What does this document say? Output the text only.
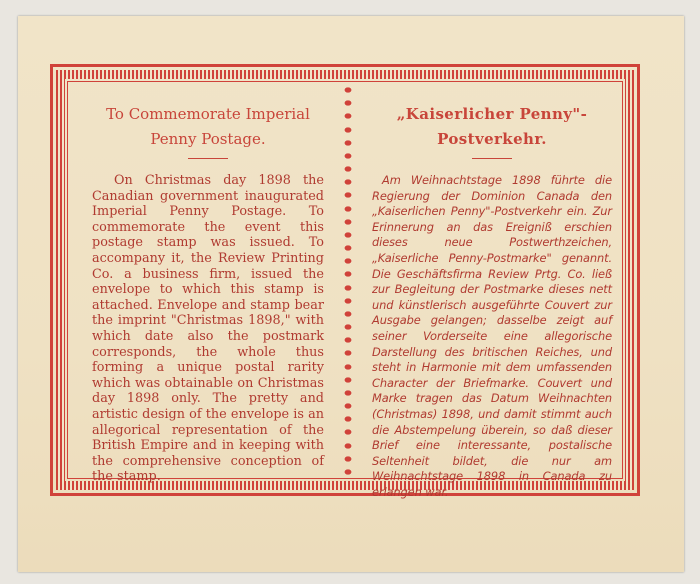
To Commemorate Imperial Penny Postage.
On Christmas day 1898 the Canadian government inaugurated Imperial Penny Postage. To commemorate the event this postage stamp was issued. To accompany it, the Review Printing Co. a business firm, issued the envelope to which this stamp is attached. Envelope and stamp bear the imprint "Christmas 1898," with which date also the postmark corresponds, the whole thus forming a unique postal rarity which was obtainable on Christmas day 1898 only. The pretty and artistic design of the envelope is an allegorical representation of the British Empire and in keeping with the comprehensive conception of the stamp.
„Kaiserlicher Penny"-Postverkehr.
Am Weihnachtstage 1898 führte die Regierung der Dominion Canada den „Kaiserlichen Penny"-Postverkehr ein. Zur Erinnerung an das Ereigniß erschien dieses neue Postwerthzeichen, „Kaiserliche Penny-Postmarke" genannt. Die Geschäftsfirma Review Prtg. Co. ließ zur Begleitung der Postmarke dieses nett und künstlerisch ausgeführte Couvert zur Ausgabe gelangen; dasselbe zeigt auf seiner Vorderseite eine allegorische Darstellung des britischen Reiches, und steht in Harmonie mit dem umfassenden Character der Briefmarke. Couvert und Marke tragen das Datum Weihnachten (Christmas) 1898, und damit stimmt auch die Abstempelung überein, so daß dieser Brief eine interessante, postalische Seltenheit bildet, die nur am Weihnachtstage 1898 in Canada zu erlangen war.
